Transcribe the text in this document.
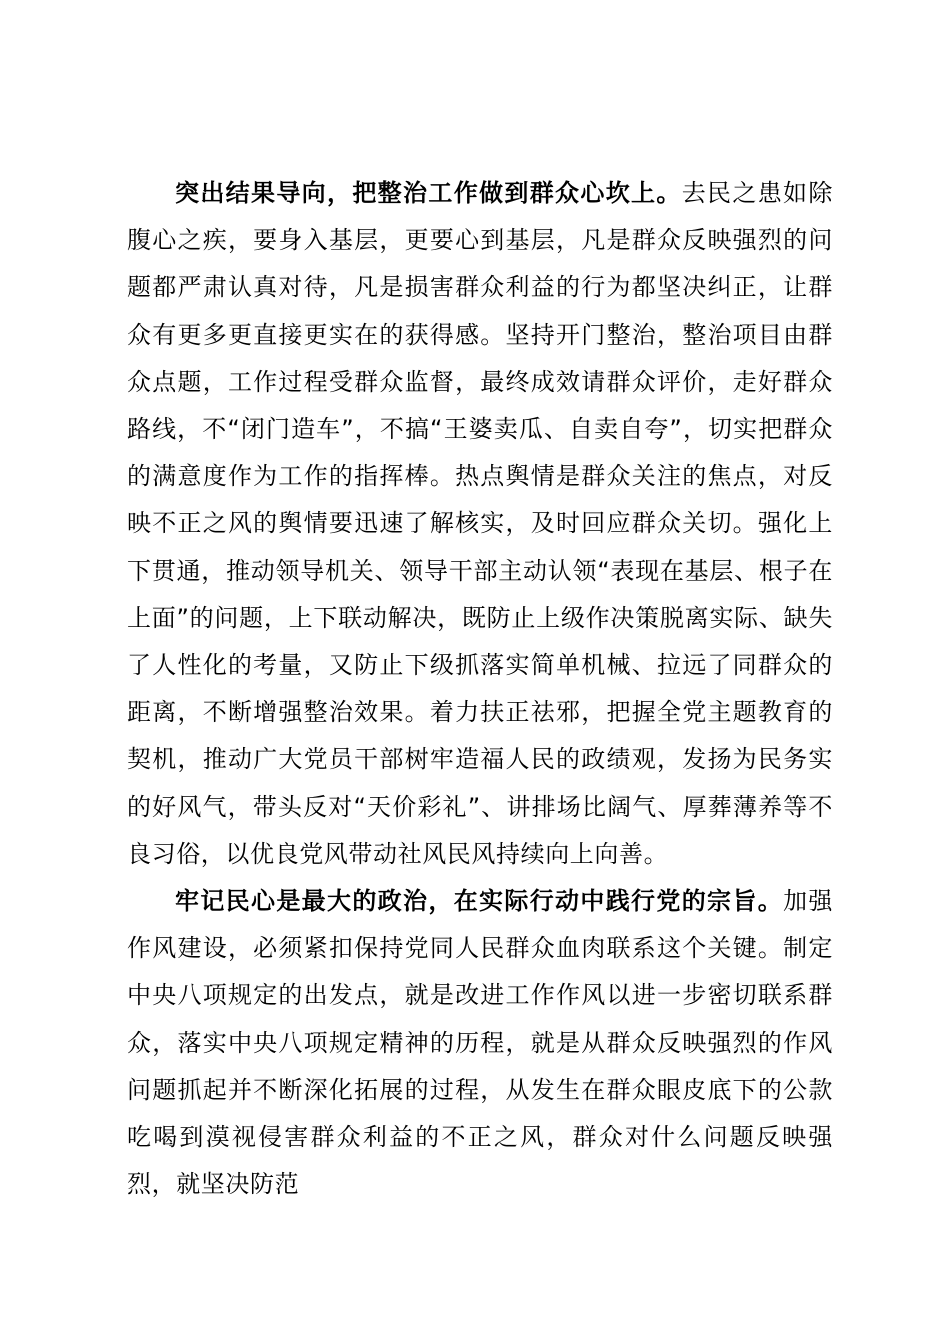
突出结果导向，把整治工作做到群众心坎上。去民之患如除腹心之疾，要身入基层，更要心到基层，凡是群众反映强烈的问题都严肃认真对待，凡是损害群众利益的行为都坚决纠正，让群众有更多更直接更实在的获得感。坚持开门整治，整治项目由群众点题，工作过程受群众监督，最终成效请群众评价，走好群众路线，不“闭门造车”，不搞“王婆卖瓜、自卖自夸”，切实把群众的满意度作为工作的指挥棒。热点舆情是群众关注的焦点，对反映不正之风的舆情要迅速了解核实，及时回应群众关切。强化上下贯通，推动领导机关、领导干部主动认领“表现在基层、根子在上面”的问题，上下联动解决，既防止上级作决策脱离实际、缺失了人性化的考量，又防止下级抓落实简单机械、拉远了同群众的距离，不断增强整治效果。着力扶正祛邪，把握全党主题教育的契机，推动广大党员干部树牢造福人民的政绩观，发扬为民务实的好风气，带头反对“天价彩礼”、讲排场比阔气、厚葬薄养等不良习俗，以优良党风带动社风民风持续向上向善。

牢记民心是最大的政治，在实际行动中践行党的宗旨。加强作风建设，必须紧扣保持党同人民群众血肉联系这个关键。制定中央八项规定的出发点，就是改进工作作风以进一步密切联系群众，落实中央八项规定精神的历程，就是从群众反映强烈的作风问题抓起并不断深化拓展的过程，从发生在群众眼皮底下的公款吃喝到漠视侵害群众利益的不正之风，群众对什么问题反映强烈，就坚决防范
